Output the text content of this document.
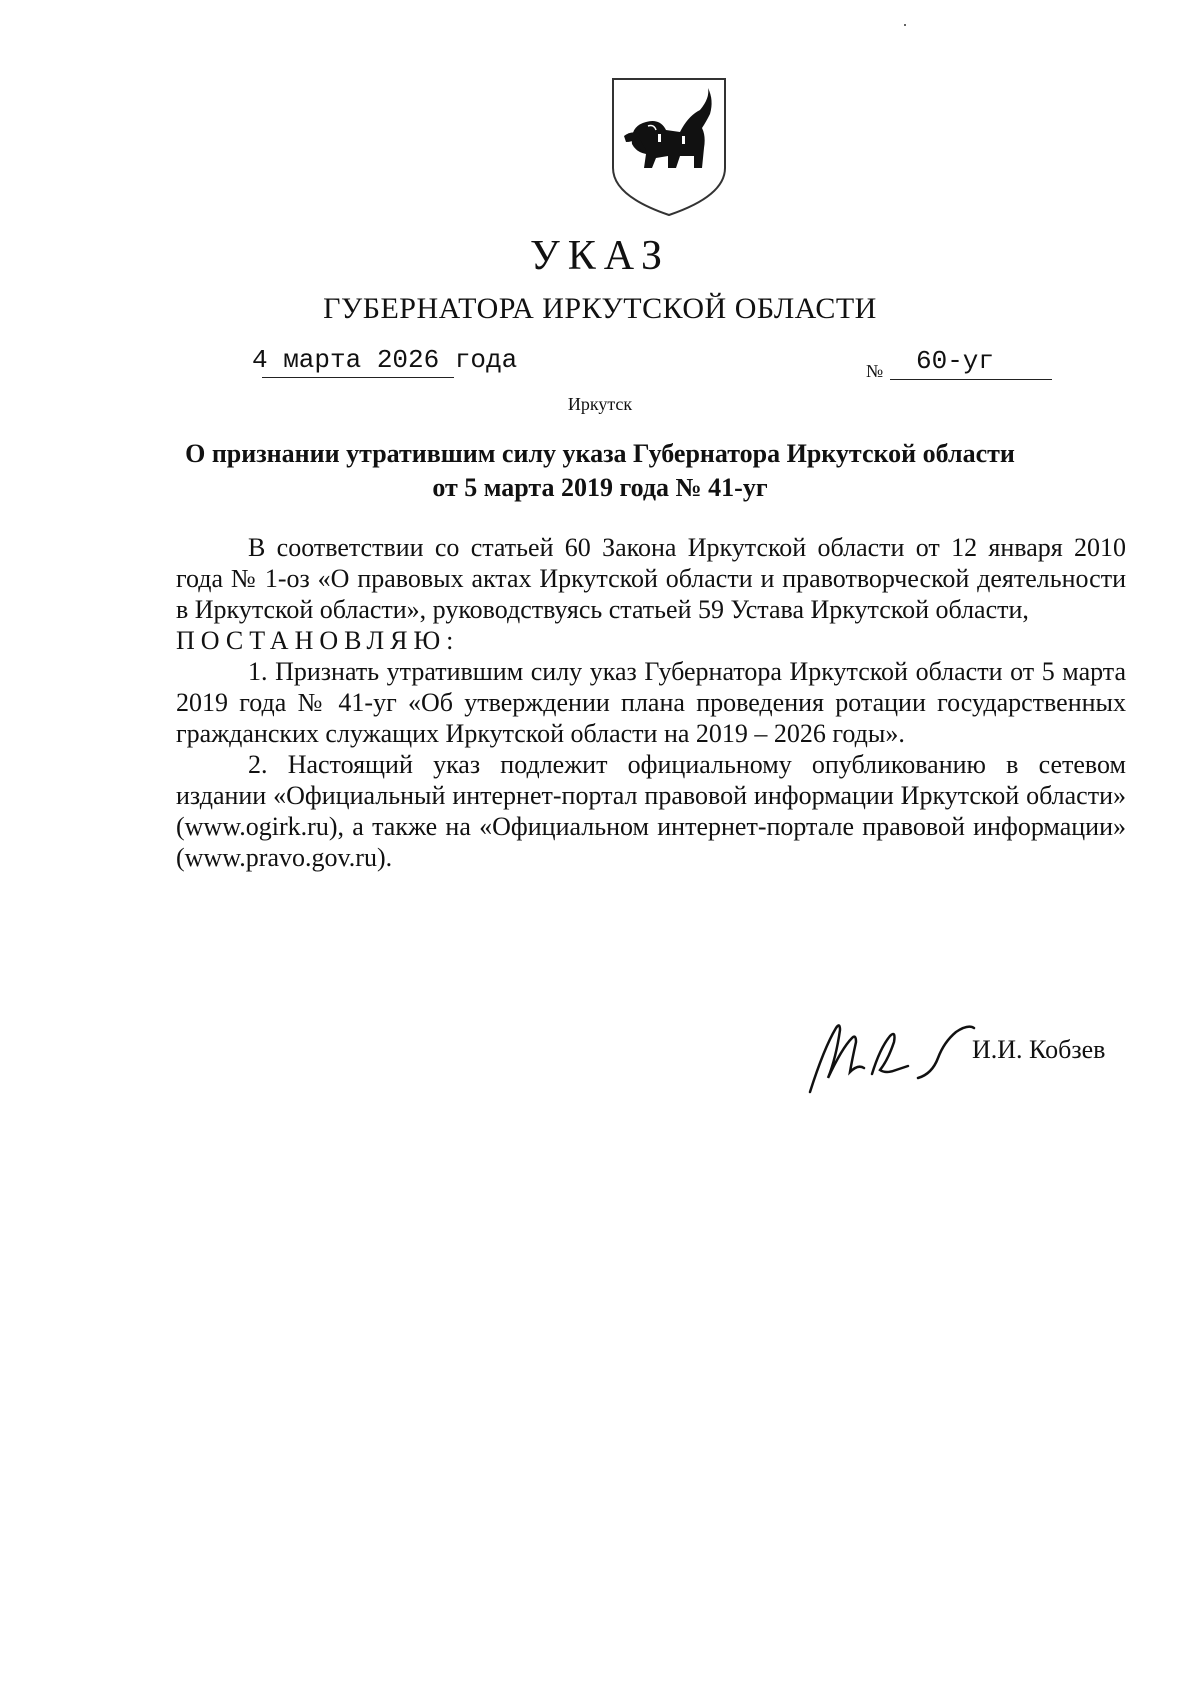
УКАЗ
ГУБЕРНАТОРА ИРКУТСКОЙ ОБЛАСТИ
4 марта 2026 года	№ 60-уг
Иркутск
О признании утратившим силу указа Губернатора Иркутской области
от 5 марта 2019 года № 41-уг

В соответствии со статьей 60 Закона Иркутской области от 12 января 2010 года № 1-оз «О правовых актах Иркутской области и правотворческой деятельности в Иркутской области», руководствуясь статьей 59 Устава Иркутской области,

ПОСТАНОВЛЯЮ:

1. Признать утратившим силу указ Губернатора Иркутской области от 5 марта 2019 года № 41-уг «Об утверждении плана проведения ротации государственных гражданских служащих Иркутской области на 2019 – 2026 годы».

2. Настоящий указ подлежит официальному опубликованию в сетевом издании «Официальный интернет-портал правовой информации Иркутской области» (www.ogirk.ru), а также на «Официальном интернет-портале правовой информации» (www.pravo.gov.ru).

И.И. Кобзев
